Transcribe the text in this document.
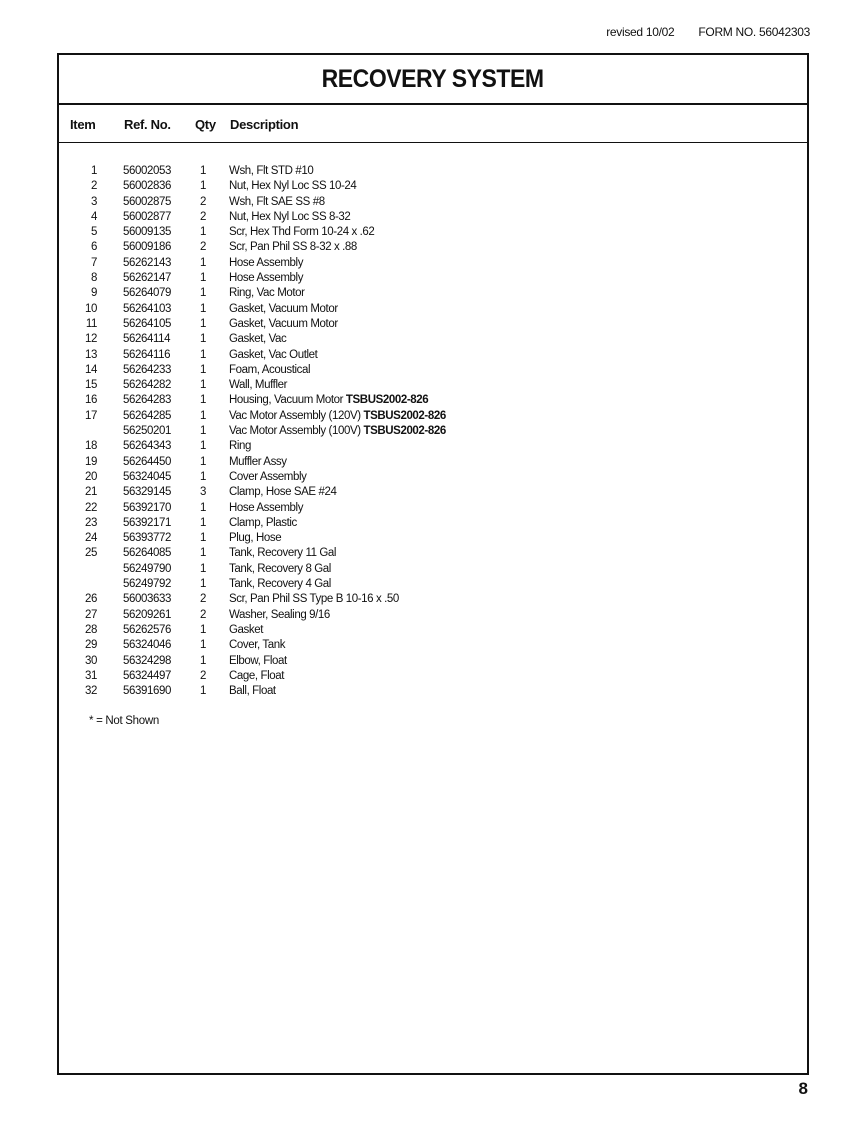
revised 10/02 FORM NO. 56042303
RECOVERY SYSTEM
Item Ref. No. Qty Description
1 56002053	1 Wsh, Flt STD #10
2 56002836	1 Nut, Hex Nyl Loc SS 10-24
3 56002875	2 Wsh, Flt SAE SS #8
4 56002877	2 Nut, Hex Nyl Loc SS 8-32
5 56009135	1 Scr, Hex Thd Form 10-24 x .62
6 56009186	2 Scr, Pan Phil SS 8-32 x .88
7 56262143	1 Hose Assembly
8 56262147	1 Hose Assembly
9 56264079	1 Ring, Vac Motor
10 56264103	1 Gasket, Vacuum Motor
11 56264105	1 Gasket, Vacuum Motor
12 56264114	1 Gasket, Vac
13 56264116	1 Gasket, Vac Outlet
14 56264233	1 Foam, Acoustical
15 56264282	1 Wall, Muffler
16 56264283	1 Housing, Vacuum Motor TSBUS2002-826
17 56264285	1 Vac Motor Assembly (120V) TSBUS2002-826
56250201	1 Vac Motor Assembly (100V) TSBUS2002-826
18 56264343	1 Ring
19 56264450	1 Muffler Assy
20 56324045	1 Cover Assembly
21 56329145	3 Clamp, Hose SAE #24
22 56392170	1 Hose Assembly
23 56392171	1 Clamp, Plastic
24 56393772	1 Plug, Hose
25 56264085	1 Tank, Recovery 11 Gal
56249790	1 Tank, Recovery 8 Gal
56249792	1 Tank, Recovery 4 Gal
26 56003633	2 Scr, Pan Phil SS Type B 10-16 x .50
27 56209261	2 Washer, Sealing 9/16
28 56262576	1 Gasket
29 56324046	1 Cover, Tank
30 56324298	1 Elbow, Float
31 56324497	2 Cage, Float
32 56391690	1 Ball, Float
* = Not Shown
8
